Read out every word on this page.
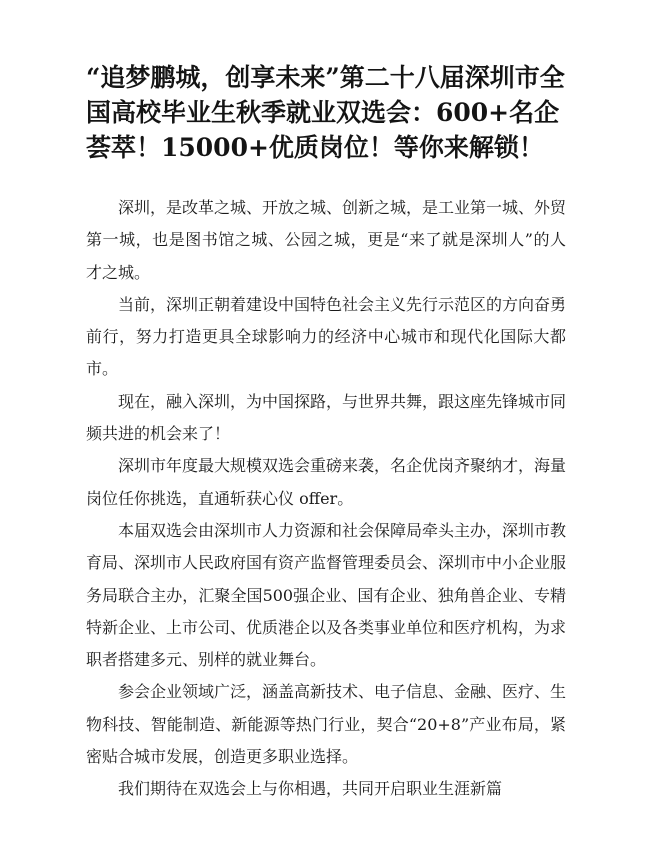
“追梦鹏城，创享未来”第二十八届深圳市全国高校毕业生秋季就业双选会：600+名企荟萃！15000+优质岗位！等你来解锁！

深圳，是改革之城、开放之城、创新之城，是工业第一城、外贸第一城，也是图书馆之城、公园之城，更是“来了就是深圳人”的人才之城。

当前，深圳正朝着建设中国特色社会主义先行示范区的方向奋勇前行，努力打造更具全球影响力的经济中心城市和现代化国际大都市。

现在，融入深圳，为中国探路，与世界共舞，跟这座先锋城市同频共进的机会来了！

深圳市年度最大规模双选会重磅来袭，名企优岗齐聚纳才，海量岗位任你挑选，直通斩获心仪 offer。

本届双选会由深圳市人力资源和社会保障局牵头主办，深圳市教育局、深圳市人民政府国有资产监督管理委员会、深圳市中小企业服务局联合主办，汇聚全国500强企业、国有企业、独角兽企业、专精特新企业、上市公司、优质港企以及各类事业单位和医疗机构，为求职者搭建多元、别样的就业舞台。

参会企业领域广泛，涵盖高新技术、电子信息、金融、医疗、生物科技、智能制造、新能源等热门行业，契合“20+8”产业布局，紧密贴合城市发展，创造更多职业选择。

我们期待在双选会上与你相遇，共同开启职业生涯新篇
